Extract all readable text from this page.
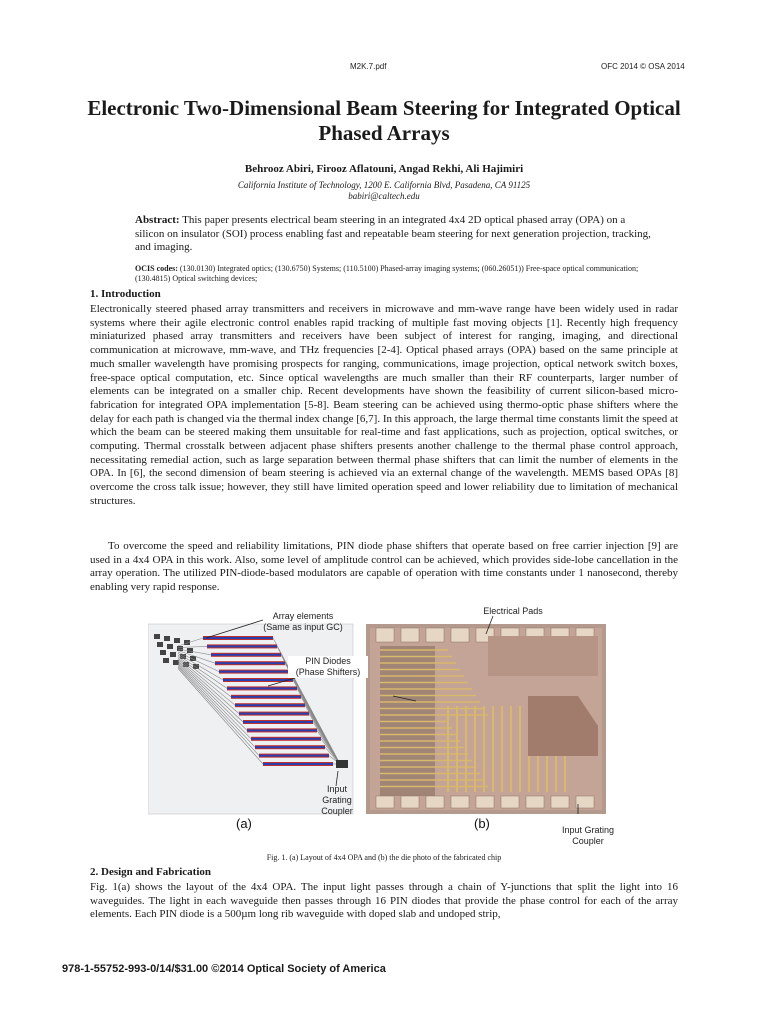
M2K.7.pdf	OFC 2014 © OSA 2014
Electronic Two-Dimensional Beam Steering for Integrated Optical Phased Arrays
Behrooz Abiri, Firooz Aflatouni, Angad Rekhi, Ali Hajimiri
California Institute of Technology, 1200 E. California Blvd, Pasadena, CA 91125
babiri@caltech.edu
Abstract: This paper presents electrical beam steering in an integrated 4x4 2D optical phased array (OPA) on a silicon on insulator (SOI) process enabling fast and repeatable beam steering for next generation projection, tracking, and imaging.
OCIS codes: (130.0130) Integrated optics; (130.6750) Systems; (110.5100) Phased-array imaging systems; (060.26051)) Free-space optical communication; (130.4815) Optical switching devices;
1. Introduction

Electronically steered phased array transmitters and receivers in microwave and mm-wave range have been widely used in radar systems where their agile electronic control enables rapid tracking of multiple fast moving objects [1]. Recently high frequency miniaturized phased array transmitters and receivers have been subject of interest for ranging, imaging, and directional communication at microwave, mm-wave, and THz frequencies [2-4]. Optical phased arrays (OPA) based on the same principle at much smaller wavelength have promising prospects for ranging, communications, image projection, optical network switch boxes, free-space optical computation, etc. Since optical wavelengths are much smaller than their RF counterparts, larger number of elements can be integrated on a smaller chip. Recent developments have shown the feasibility of current silicon-based micro-fabrication for integrated OPA implementation [5-8]. Beam steering can be achieved using thermo-optic phase shifters where the delay for each path is changed via the thermal index change [6,7]. In this approach, the large thermal time constants limit the speed at which the beam can be steered making them unsuitable for real-time and fast applications, such as projection, optical switches, or computing. Thermal crosstalk between adjacent phase shifters presents another challenge to the thermal phase control approach, necessitating remedial action, such as large separation between thermal phase shifters that can limit the number of elements in the OPA. In [6], the second dimension of beam steering is achieved via an external change of the wavelength. MEMS based OPAs [8] overcome the cross talk issue; however, they still have limited operation speed and lower reliability due to limitation of mechanical structures.

To overcome the speed and reliability limitations, PIN diode phase shifters that operate based on free carrier injection [9] are used in a 4x4 OPA in this work. Also, some level of amplitude control can be achieved, which provides side-lobe cancellation in the array operation. The utilized PIN-diode-based modulators are capable of operation with time constants under 1 nanosecond, thereby enabling very rapid response.

Array elements
(Same as input GC)
PIN Diodes
(Phase Shifters)
Input
Grating
Coupler
Electrical Pads
Input Grating
Coupler
(a)	(b)
Fig. 1. (a) Layout of 4x4 OPA and (b) the die photo of the fabricated chip
2. Design and Fabrication

Fig. 1(a) shows the layout of the 4x4 OPA. The input light passes through a chain of Y-junctions that split the light into 16 waveguides. The light in each waveguide then passes through 16 PIN diodes that provide the phase control for each of the array elements. Each PIN diode is a 500µm long rib waveguide with doped slab and undoped strip,

978-1-55752-993-0/14/$31.00 ©2014 Optical Society of America
